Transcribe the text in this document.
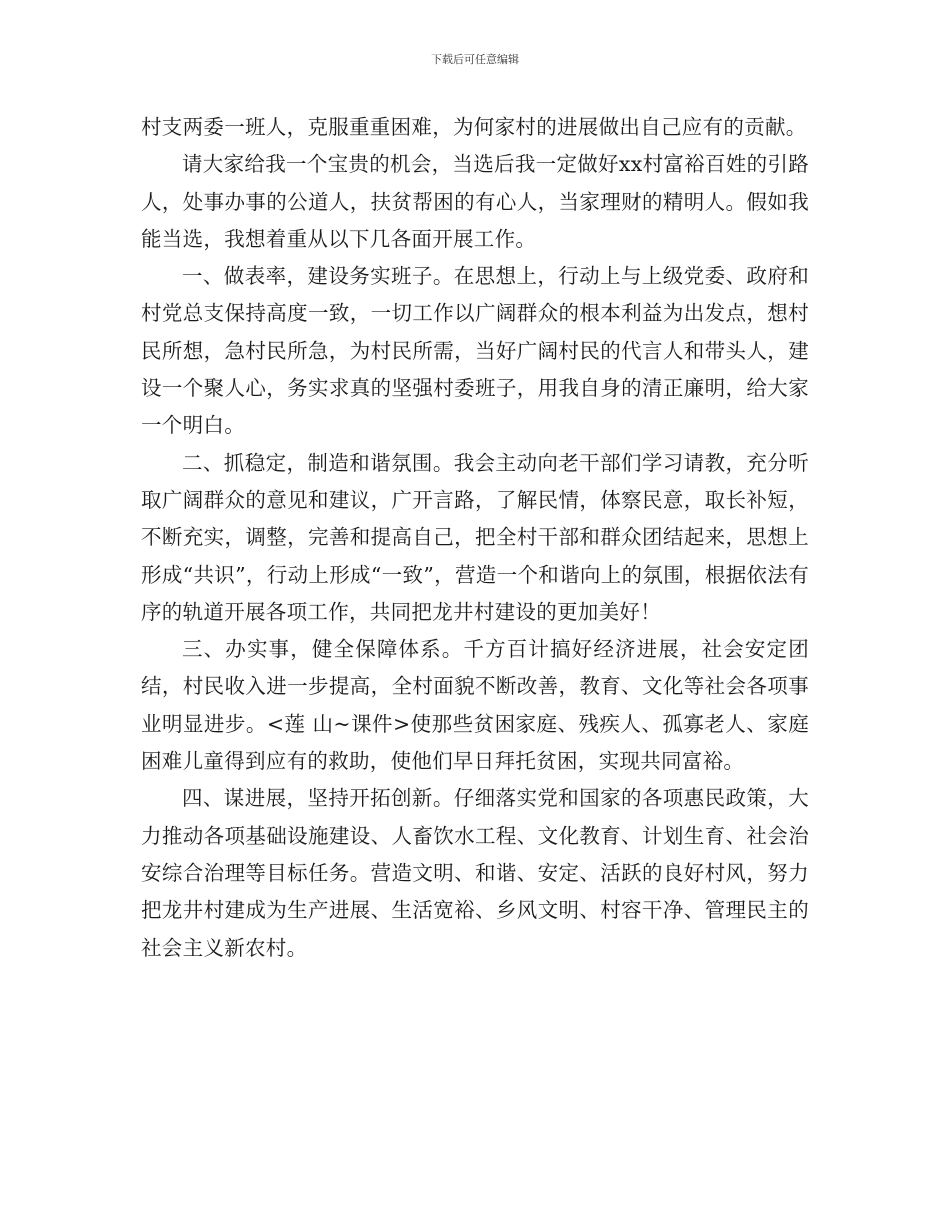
下载后可任意编辑

村支两委一班人，克服重重困难，为何家村的进展做出自己应有的贡献。

请大家给我一个宝贵的机会，当选后我一定做好xx村富裕百姓的引路人，处事办事的公道人，扶贫帮困的有心人，当家理财的精明人。假如我能当选，我想着重从以下几各面开展工作。

一、做表率，建设务实班子。在思想上，行动上与上级党委、政府和村党总支保持高度一致，一切工作以广阔群众的根本利益为出发点，想村民所想，急村民所急，为村民所需，当好广阔村民的代言人和带头人，建设一个聚人心，务实求真的坚强村委班子，用我自身的清正廉明，给大家一个明白。

二、抓稳定，制造和谐氛围。我会主动向老干部们学习请教，充分听取广阔群众的意见和建议，广开言路，了解民情，体察民意，取长补短，不断充实，调整，完善和提高自己，把全村干部和群众团结起来，思想上形成“共识”，行动上形成“一致”，营造一个和谐向上的氛围，根据依法有序的轨道开展各项工作，共同把龙井村建设的更加美好！

三、办实事，健全保障体系。千方百计搞好经济进展，社会安定团结，村民收入进一步提高，全村面貌不断改善，教育、文化等社会各项事业明显进步。<莲 山~课件>使那些贫困家庭、残疾人、孤寡老人、家庭困难儿童得到应有的救助，使他们早日拜托贫困，实现共同富裕。

四、谋进展，坚持开拓创新。仔细落实党和国家的各项惠民政策，大力推动各项基础设施建设、人畜饮水工程、文化教育、计划生育、社会治安综合治理等目标任务。营造文明、和谐、安定、活跃的良好村风，努力把龙井村建成为生产进展、生活宽裕、乡风文明、村容干净、管理民主的社会主义新农村。
